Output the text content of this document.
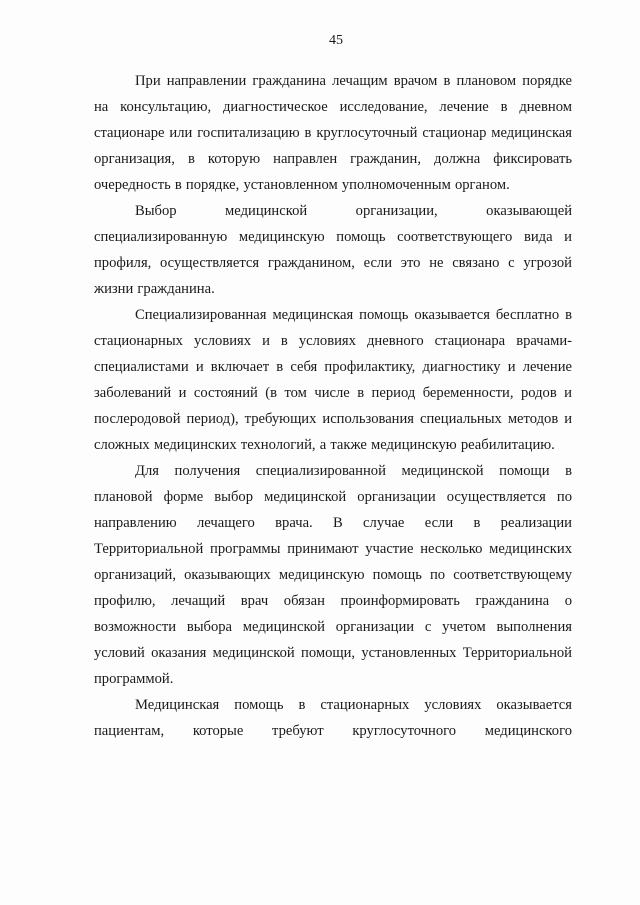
45

При направлении гражданина лечащим врачом в плановом порядке на консультацию, диагностическое исследование, лечение в дневном стационаре или госпитализацию в круглосуточный стационар медицинская организация, в которую направлен гражданин, должна фиксировать очередность в порядке, установленном уполномоченным органом.

Выбор медицинской организации, оказывающей специализированную медицинскую помощь соответствующего вида и профиля, осуществляется гражданином, если это не связано с угрозой жизни гражданина.

Специализированная медицинская помощь оказывается бесплатно в стационарных условиях и в условиях дневного стационара врачами-специалистами и включает в себя профилактику, диагностику и лечение заболеваний и состояний (в том числе в период беременности, родов и послеродовой период), требующих использования специальных методов и сложных медицинских технологий, а также медицинскую реабилитацию.

Для получения специализированной медицинской помощи в плановой форме выбор медицинской организации осуществляется по направлению лечащего врача. В случае если в реализации Территориальной программы принимают участие несколько медицинских организаций, оказывающих медицинскую помощь по соответствующему профилю, лечащий врач обязан проинформировать гражданина о возможности выбора медицинской организации с учетом выполнения условий оказания медицинской помощи, установленных Территориальной программой.

Медицинская помощь в стационарных условиях оказывается пациентам, которые требуют круглосуточного медицинского
